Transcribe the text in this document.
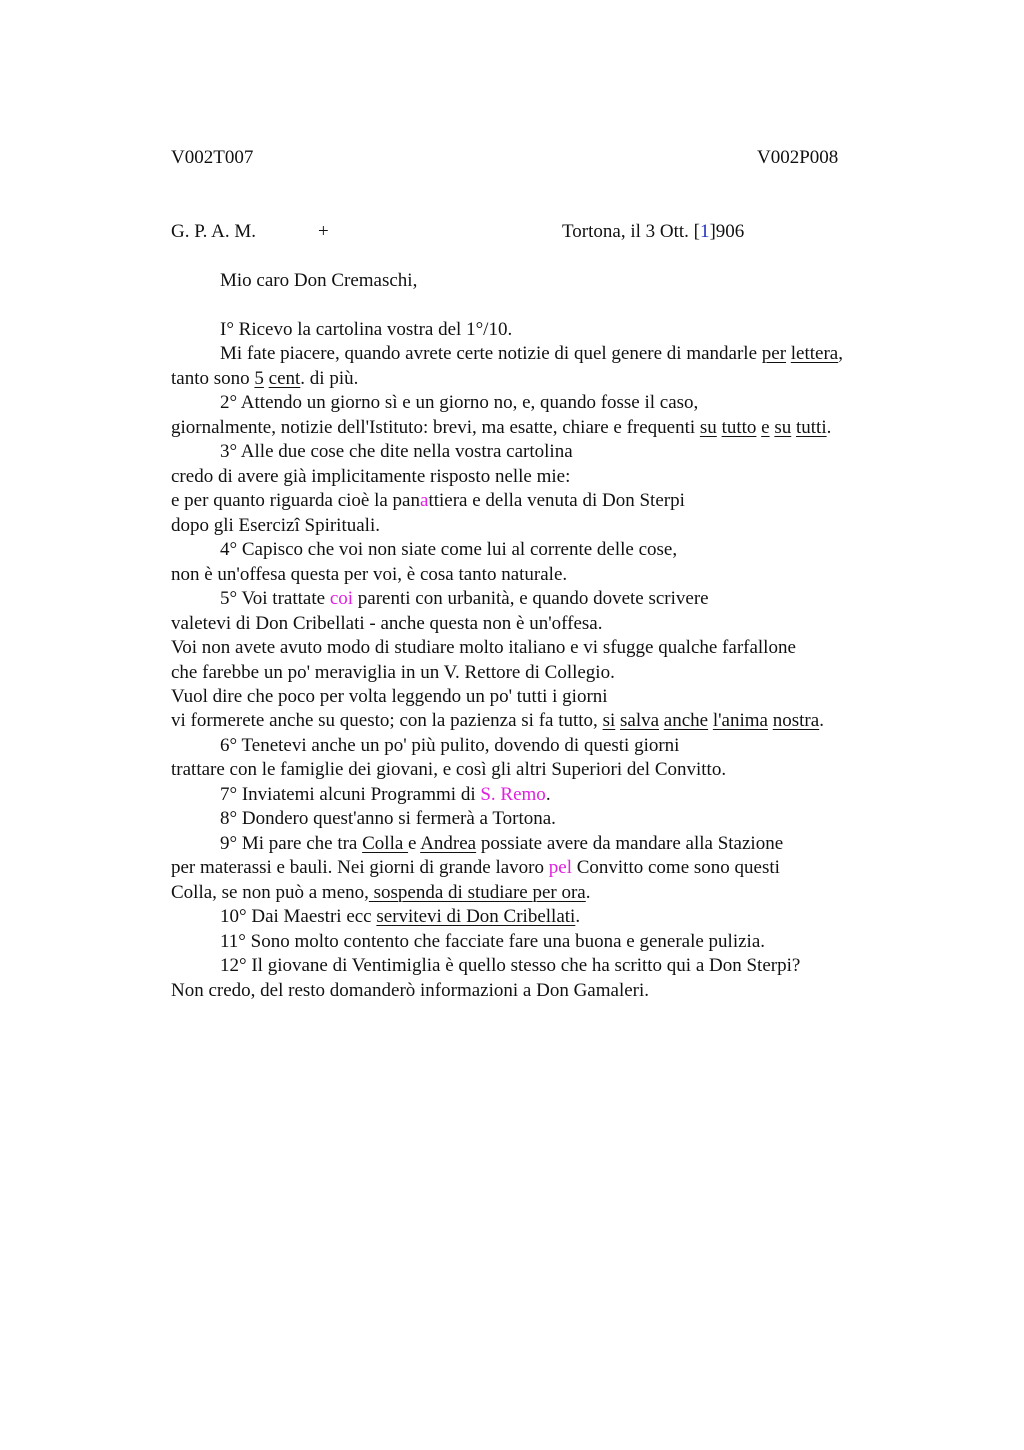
V002T007	V002P008
G. P. A. M.	+	Tortona, il 3 Ott. [1]906
Mio caro Don Cremaschi,
I° Ricevo la cartolina vostra del 1°/10.
Mi fate piacere, quando avrete certe notizie di quel genere di mandarle per lettera,
tanto sono 5 cent. di più.
2° Attendo un giorno sì e un giorno no, e, quando fosse il caso,
giornalmente, notizie dell'Istituto: brevi, ma esatte, chiare e frequenti su tutto e su tutti.
3° Alle due cose che dite nella vostra cartolina
credo di avere già implicitamente risposto nelle mie:
e per quanto riguarda cioè la panattiera e della venuta di Don Sterpi
dopo gli Esercizi Spirituali.
4° Capisco che voi non siate come lui al corrente delle cose,
non è un'offesa questa per voi, è cosa tanto naturale.
5° Voi trattate coi parenti con urbanità, e quando dovete scrivere
valetevi di Don Cribellati - anche questa non è un'offesa.
Voi non avete avuto modo di studiare molto italiano e vi sfugge qualche farfallone
che farebbe un po' meraviglia in un V. Rettore di Collegio.
Vuol dire che poco per volta leggendo un po' tutti i giorni
vi formerete anche su questo; con la pazienza si fa tutto, si salva anche l'anima nostra.
6° Tenetevi anche un po' più pulito, dovendo di questi giorni
trattare con le famiglie dei giovani, e così gli altri Superiori del Convitto.
7° Inviatemi alcuni Programmi di S. Remo.
8° Dondero quest'anno si fermerà a Tortona.
9° Mi pare che tra Colla e Andrea possiate avere da mandare alla Stazione
per materassi e bauli. Nei giorni di grande lavoro pel Convitto come sono questi
Colla, se non può a meno, sospenda di studiare per ora.
10° Dai Maestri ecc servitevi di Don Cribellati.
11° Sono molto contento che facciate fare una buona e generale pulizia.
12° Il giovane di Ventimiglia è quello stesso che ha scritto qui a Don Sterpi?
Non credo, del resto domanderò informazioni a Don Gamaleri.
